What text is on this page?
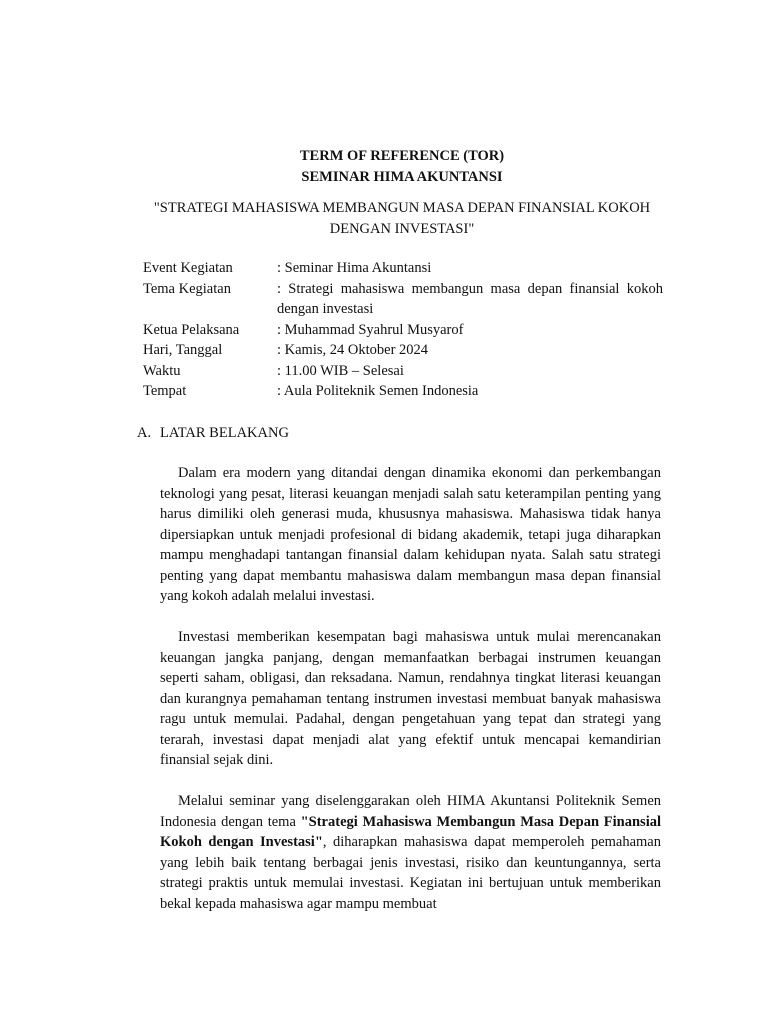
TERM OF REFERENCE (TOR)
SEMINAR HIMA AKUNTANSI
"STRATEGI MAHASISWA MEMBANGUN MASA DEPAN FINANSIAL KOKOH DENGAN INVESTASI"
Event Kegiatan	: Seminar Hima Akuntansi
Tema Kegiatan	: Strategi mahasiswa membangun masa depan finansial kokoh dengan investasi
Ketua Pelaksana	: Muhammad Syahrul Musyarof
Hari, Tanggal	: Kamis, 24 Oktober 2024
Waktu	: 11.00 WIB – Selesai
Tempat	: Aula Politeknik Semen Indonesia
A. LATAR BELAKANG

Dalam era modern yang ditandai dengan dinamika ekonomi dan perkembangan teknologi yang pesat, literasi keuangan menjadi salah satu keterampilan penting yang harus dimiliki oleh generasi muda, khususnya mahasiswa. Mahasiswa tidak hanya dipersiapkan untuk menjadi profesional di bidang akademik, tetapi juga diharapkan mampu menghadapi tantangan finansial dalam kehidupan nyata. Salah satu strategi penting yang dapat membantu mahasiswa dalam membangun masa depan finansial yang kokoh adalah melalui investasi.

Investasi memberikan kesempatan bagi mahasiswa untuk mulai merencanakan keuangan jangka panjang, dengan memanfaatkan berbagai instrumen keuangan seperti saham, obligasi, dan reksadana. Namun, rendahnya tingkat literasi keuangan dan kurangnya pemahaman tentang instrumen investasi membuat banyak mahasiswa ragu untuk memulai. Padahal, dengan pengetahuan yang tepat dan strategi yang terarah, investasi dapat menjadi alat yang efektif untuk mencapai kemandirian finansial sejak dini.

Melalui seminar yang diselenggarakan oleh HIMA Akuntansi Politeknik Semen Indonesia dengan tema "Strategi Mahasiswa Membangun Masa Depan Finansial Kokoh dengan Investasi", diharapkan mahasiswa dapat memperoleh pemahaman yang lebih baik tentang berbagai jenis investasi, risiko dan keuntungannya, serta strategi praktis untuk memulai investasi. Kegiatan ini bertujuan untuk memberikan bekal kepada mahasiswa agar mampu membuat
